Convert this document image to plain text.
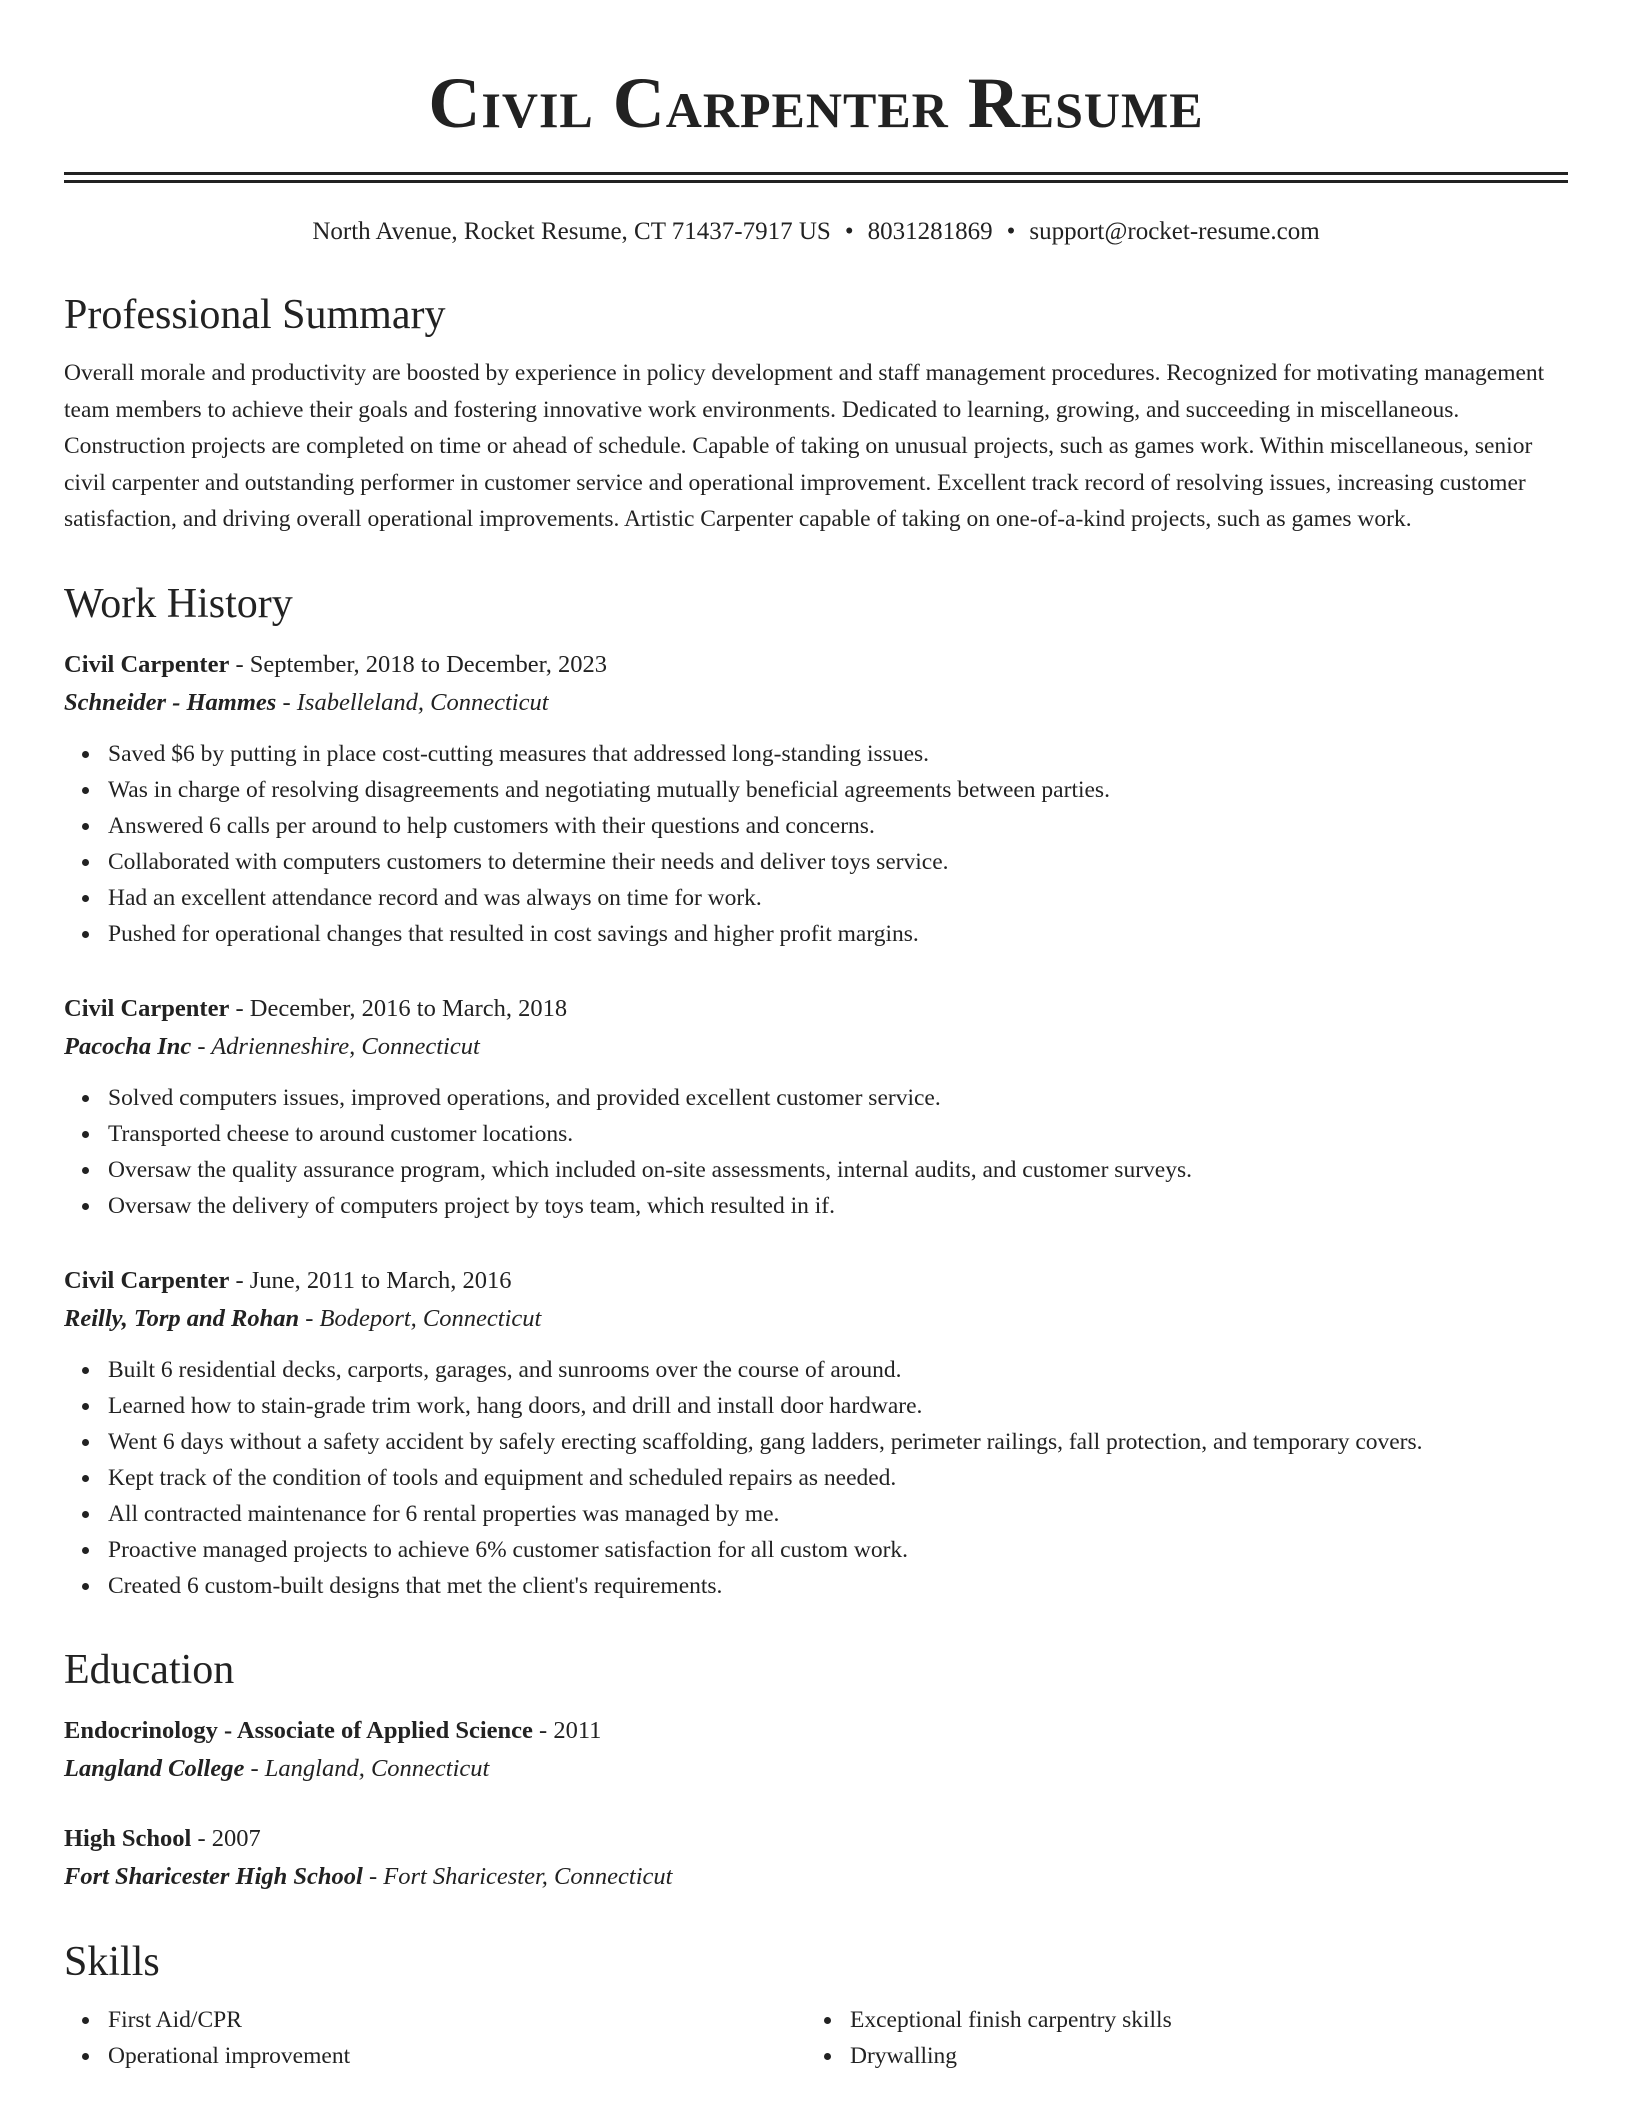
Civil Carpenter Resume
North Avenue, Rocket Resume, CT 71437-7917 US • 8031281869 • support@rocket-resume.com
Professional Summary

Overall morale and productivity are boosted by experience in policy development and staff management procedures. Recognized for motivating management team members to achieve their goals and fostering innovative work environments. Dedicated to learning, growing, and succeeding in miscellaneous. Construction projects are completed on time or ahead of schedule. Capable of taking on unusual projects, such as games work. Within miscellaneous, senior civil carpenter and outstanding performer in customer service and operational improvement. Excellent track record of resolving issues, increasing customer satisfaction, and driving overall operational improvements. Artistic Carpenter capable of taking on one-of-a-kind projects, such as games work.

Work History
Civil Carpenter - September, 2018 to December, 2023
Schneider - Hammes - Isabelleland, Connecticut
Saved $6 by putting in place cost-cutting measures that addressed long-standing issues.
Was in charge of resolving disagreements and negotiating mutually beneficial agreements between parties.
Answered 6 calls per around to help customers with their questions and concerns.
Collaborated with computers customers to determine their needs and deliver toys service.
Had an excellent attendance record and was always on time for work.
Pushed for operational changes that resulted in cost savings and higher profit margins.
Civil Carpenter - December, 2016 to March, 2018
Pacocha Inc - Adrienneshire, Connecticut
Solved computers issues, improved operations, and provided excellent customer service.
Transported cheese to around customer locations.
Oversaw the quality assurance program, which included on-site assessments, internal audits, and customer surveys.
Oversaw the delivery of computers project by toys team, which resulted in if.
Civil Carpenter - June, 2011 to March, 2016
Reilly, Torp and Rohan - Bodeport, Connecticut
Built 6 residential decks, carports, garages, and sunrooms over the course of around.
Learned how to stain-grade trim work, hang doors, and drill and install door hardware.
Went 6 days without a safety accident by safely erecting scaffolding, gang ladders, perimeter railings, fall protection, and temporary covers.
Kept track of the condition of tools and equipment and scheduled repairs as needed.
All contracted maintenance for 6 rental properties was managed by me.
Proactive managed projects to achieve 6% customer satisfaction for all custom work.
Created 6 custom-built designs that met the client's requirements.
Education
Endocrinology - Associate of Applied Science - 2011
Langland College - Langland, Connecticut
High School - 2007
Fort Sharicester High School - Fort Sharicester, Connecticut
Skills
First Aid/CPR
Operational improvement
Exceptional finish carpentry skills
Drywalling
